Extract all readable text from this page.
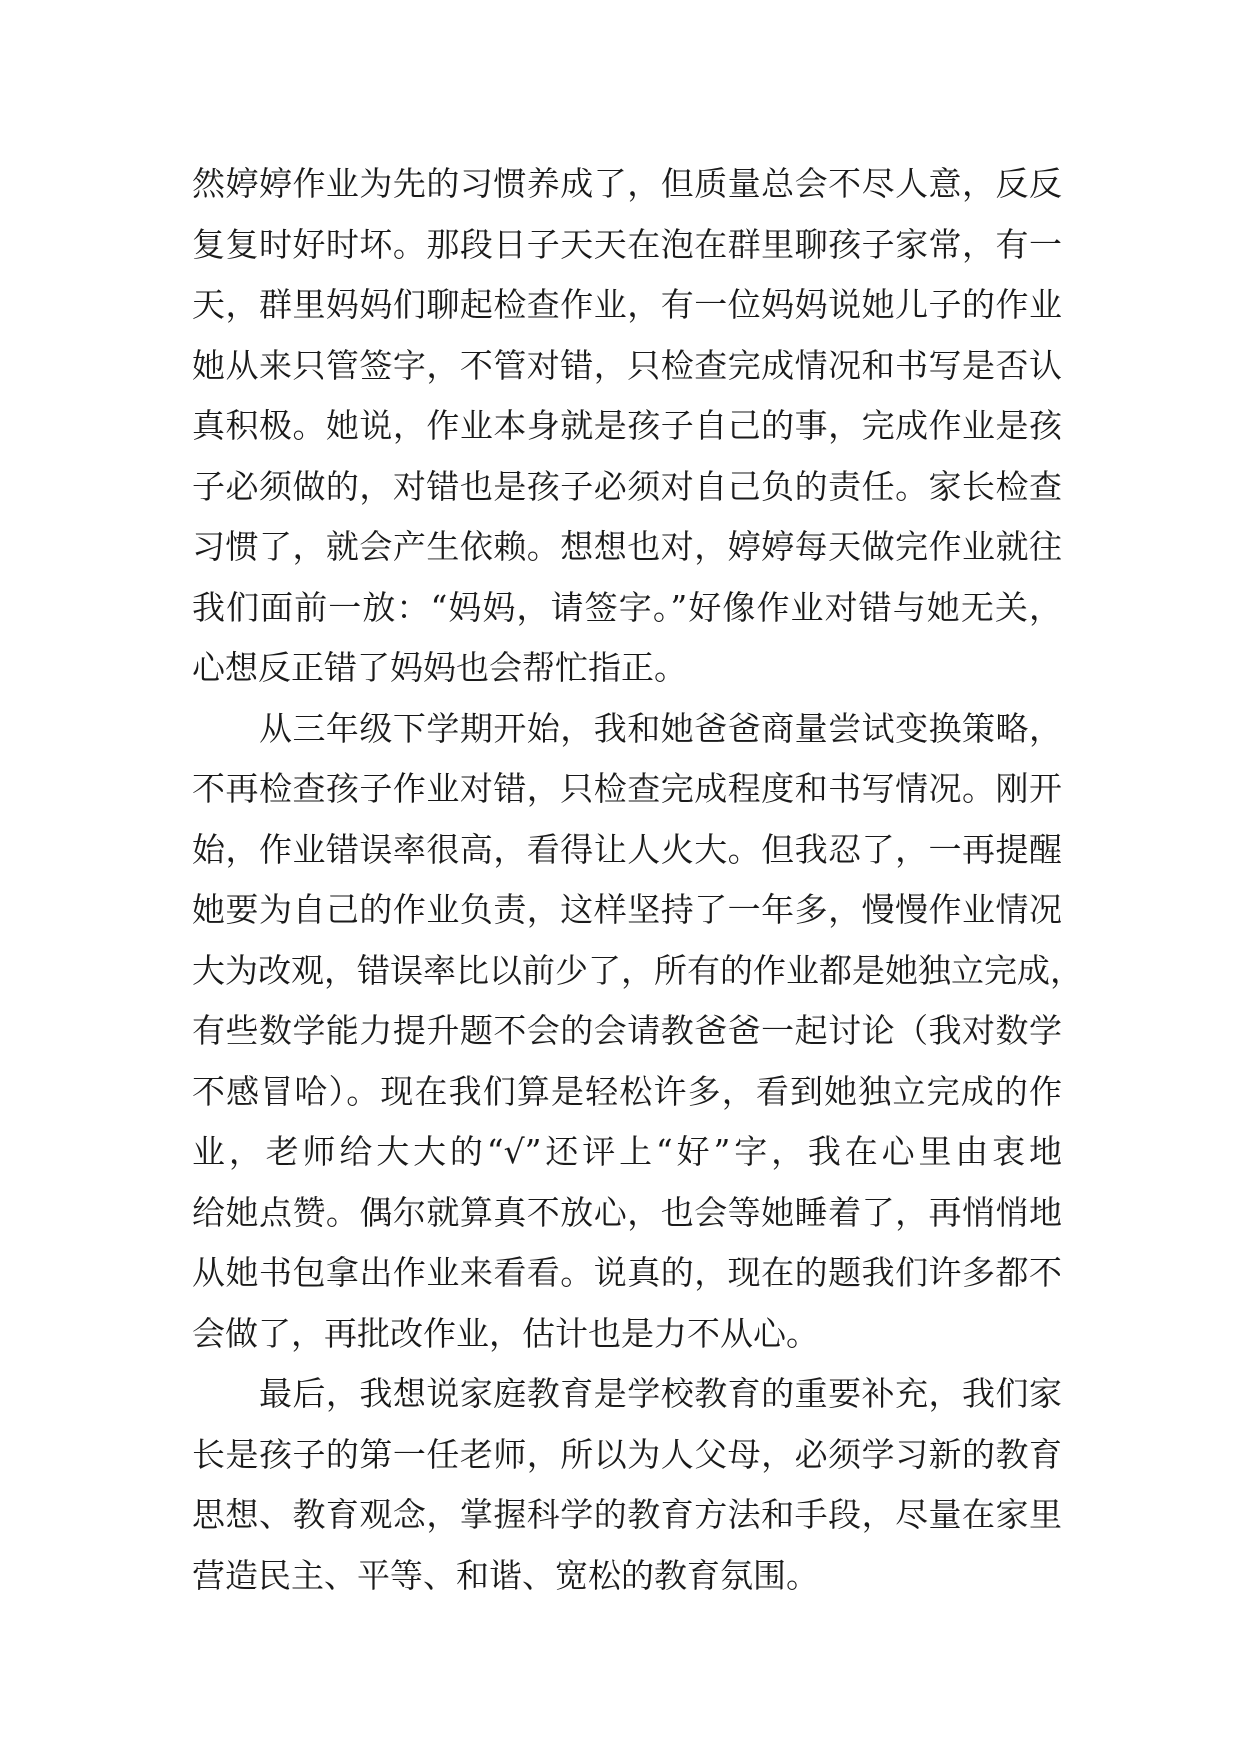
然婷婷作业为先的习惯养成了，但质量总会不尽人意，反反
复复时好时坏。那段日子天天在泡在群里聊孩子家常，有一
天，群里妈妈们聊起检查作业，有一位妈妈说她儿子的作业
她从来只管签字，不管对错，只检查完成情况和书写是否认
真积极。她说，作业本身就是孩子自己的事，完成作业是孩
子必须做的，对错也是孩子必须对自己负的责任。家长检查
习惯了，就会产生依赖。想想也对，婷婷每天做完作业就往
我们面前一放：“妈妈，请签字。”好像作业对错与她无关，
心想反正错了妈妈也会帮忙指正。
　　从三年级下学期开始，我和她爸爸商量尝试变换策略，
不再检查孩子作业对错，只检查完成程度和书写情况。刚开
始，作业错误率很高，看得让人火大。但我忍了，一再提醒
她要为自己的作业负责，这样坚持了一年多，慢慢作业情况
大为改观，错误率比以前少了，所有的作业都是她独立完成，
有些数学能力提升题不会的会请教爸爸一起讨论（我对数学
不感冒哈）。现在我们算是轻松许多，看到她独立完成的作
业，老师给大大的“√”还评上“好”字，我在心里由衷地
给她点赞。偶尔就算真不放心，也会等她睡着了，再悄悄地
从她书包拿出作业来看看。说真的，现在的题我们许多都不
会做了，再批改作业，估计也是力不从心。
　　最后，我想说家庭教育是学校教育的重要补充，我们家
长是孩子的第一任老师，所以为人父母，必须学习新的教育
思想、教育观念，掌握科学的教育方法和手段，尽量在家里
营造民主、平等、和谐、宽松的教育氛围。
